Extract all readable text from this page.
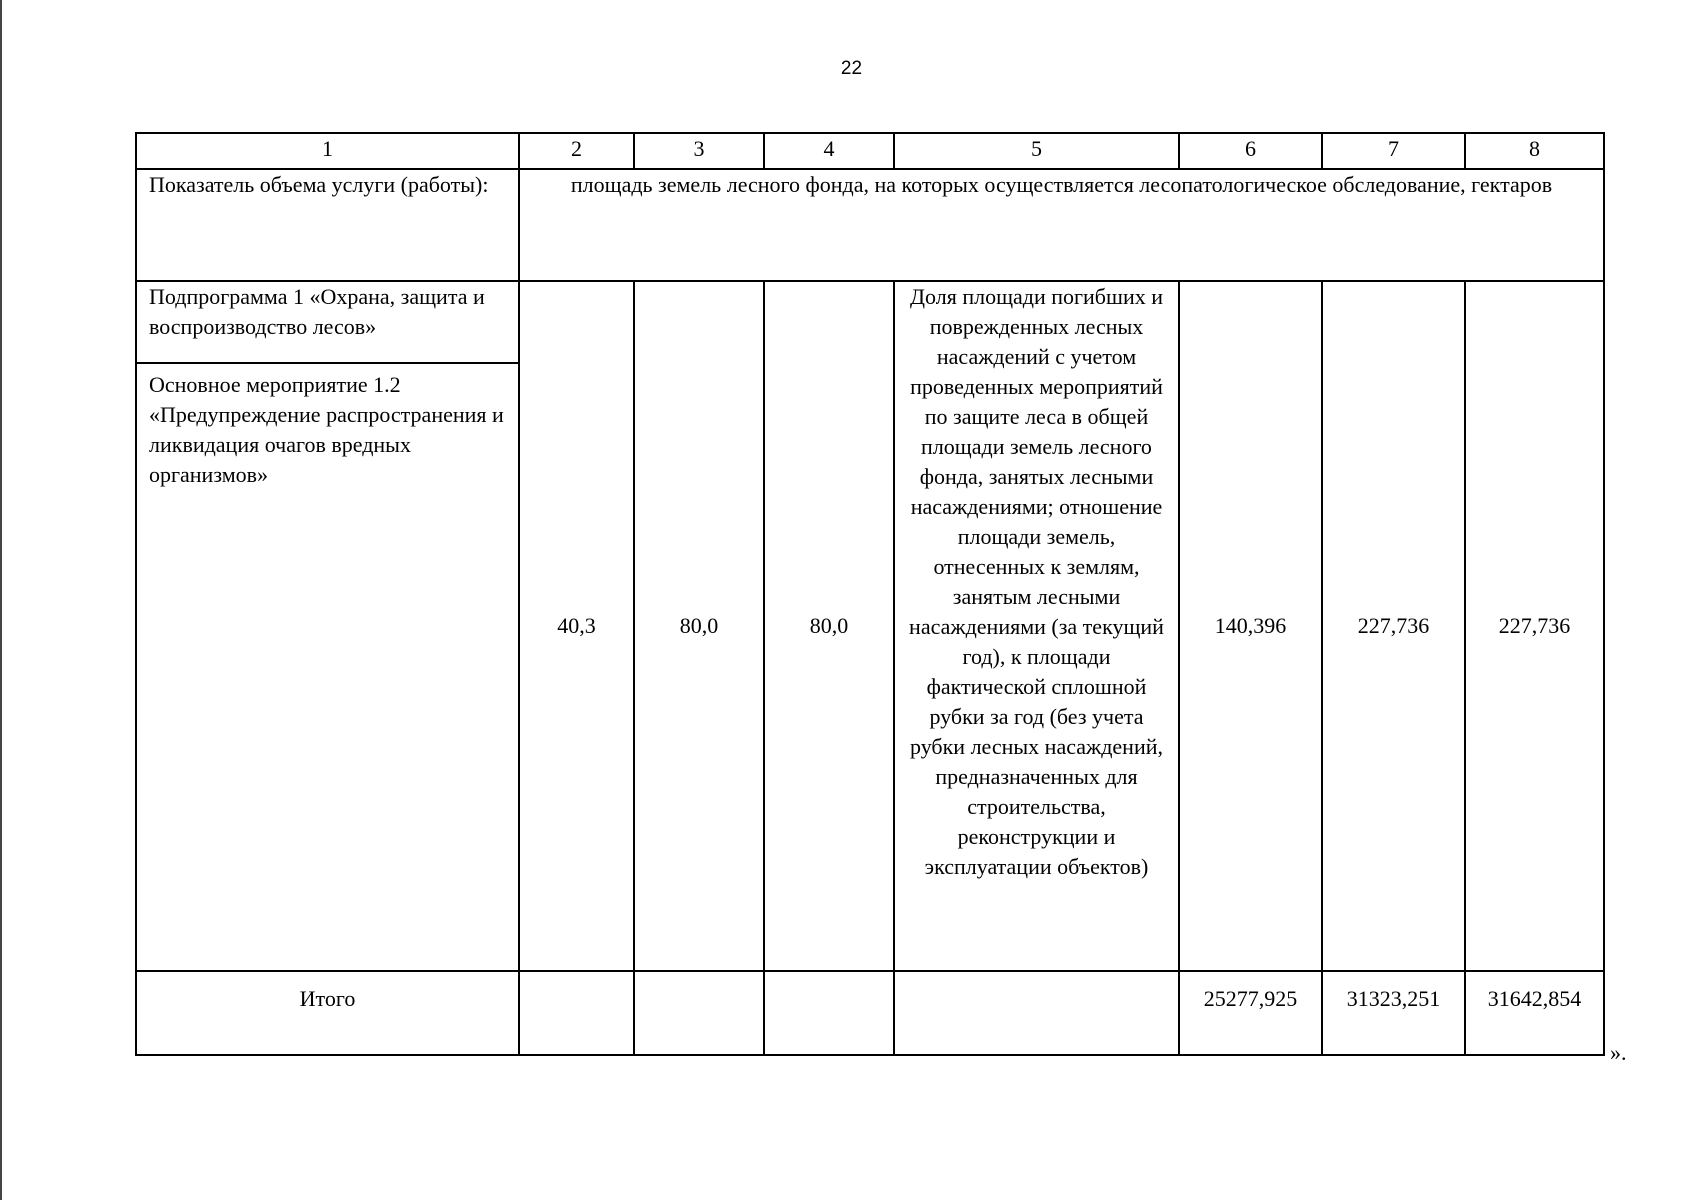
22
1	2	3	4	5	6	7	8
Показатель объема услуги (работы):	площадь земель лесного фонда, на которых осуществляется лесопатологическое обследование, гектаров						
Подпрограмма 1 «Охрана, защита и воспроизводство лесов»	40,3	80,0	80,0	Доля площади погибших и поврежденных лесных насаждений с учетом проведенных мероприятий по защите леса в общей площади земель лесного фонда, занятых лесными насаждениями; отношение площади земель, отнесенных к землям, занятым лесными насаждениями (за текущий год), к площади фактической сплошной рубки за год (без учета рубки лесных насаждений, предназначенных для строительства, реконструкции и эксплуатации объектов)	140,396	227,736	227,736
Основное мероприятие 1.2 «Предупреждение распространения и ликвидация очагов вредных организмов»							
Итого					25277,925	31323,251	31642,854
».
